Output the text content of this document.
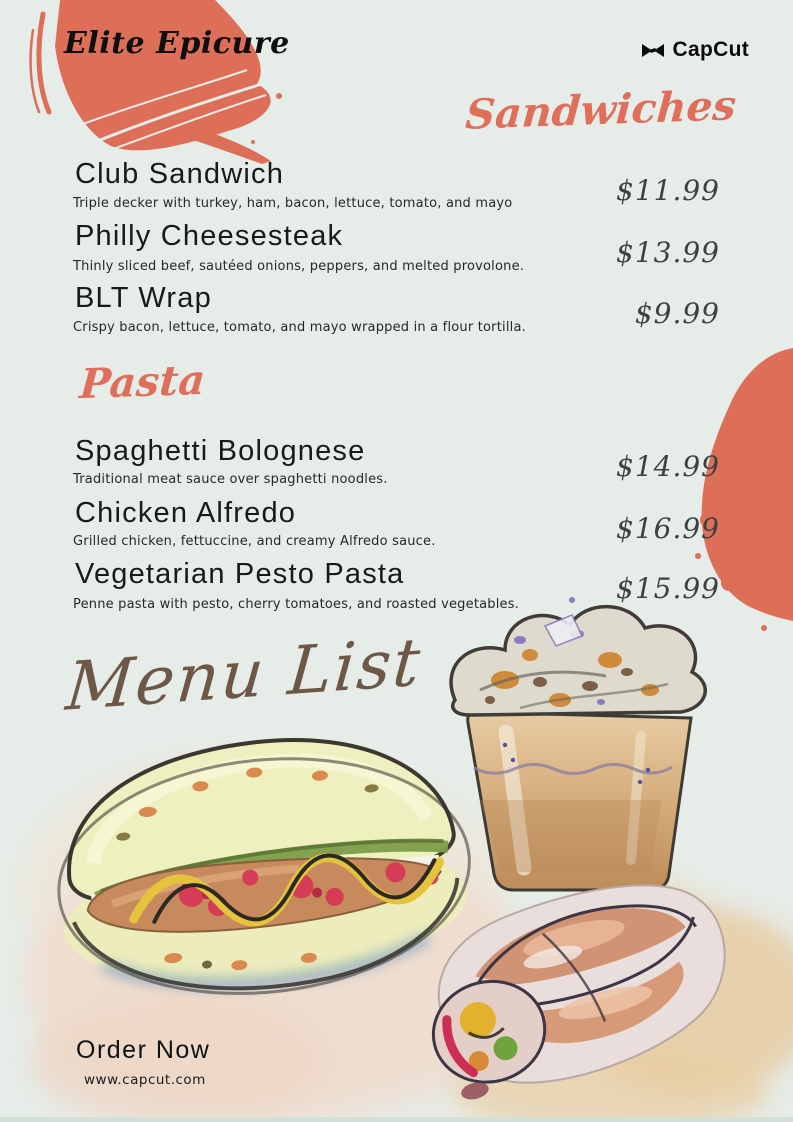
Elite Epicure	CapCut
Sandwiches
Club Sandwich
Triple decker with turkey, ham, bacon, lettuce, tomato, and mayo	$11.99
Philly Cheesesteak
Thinly sliced beef, sautéed onions, peppers, and melted provolone.	$13.99
BLT Wrap
Crispy bacon, lettuce, tomato, and mayo wrapped in a flour tortilla.	$9.99
Pasta
Spaghetti Bolognese
Traditional meat sauce over spaghetti noodles.	$14.99
Chicken Alfredo
Grilled chicken, fettuccine, and creamy Alfredo sauce.	$16.99
Vegetarian Pesto Pasta
Penne pasta with pesto, cherry tomatoes, and roasted vegetables.	$15.99
Menu List
Order Now
www.capcut.com
